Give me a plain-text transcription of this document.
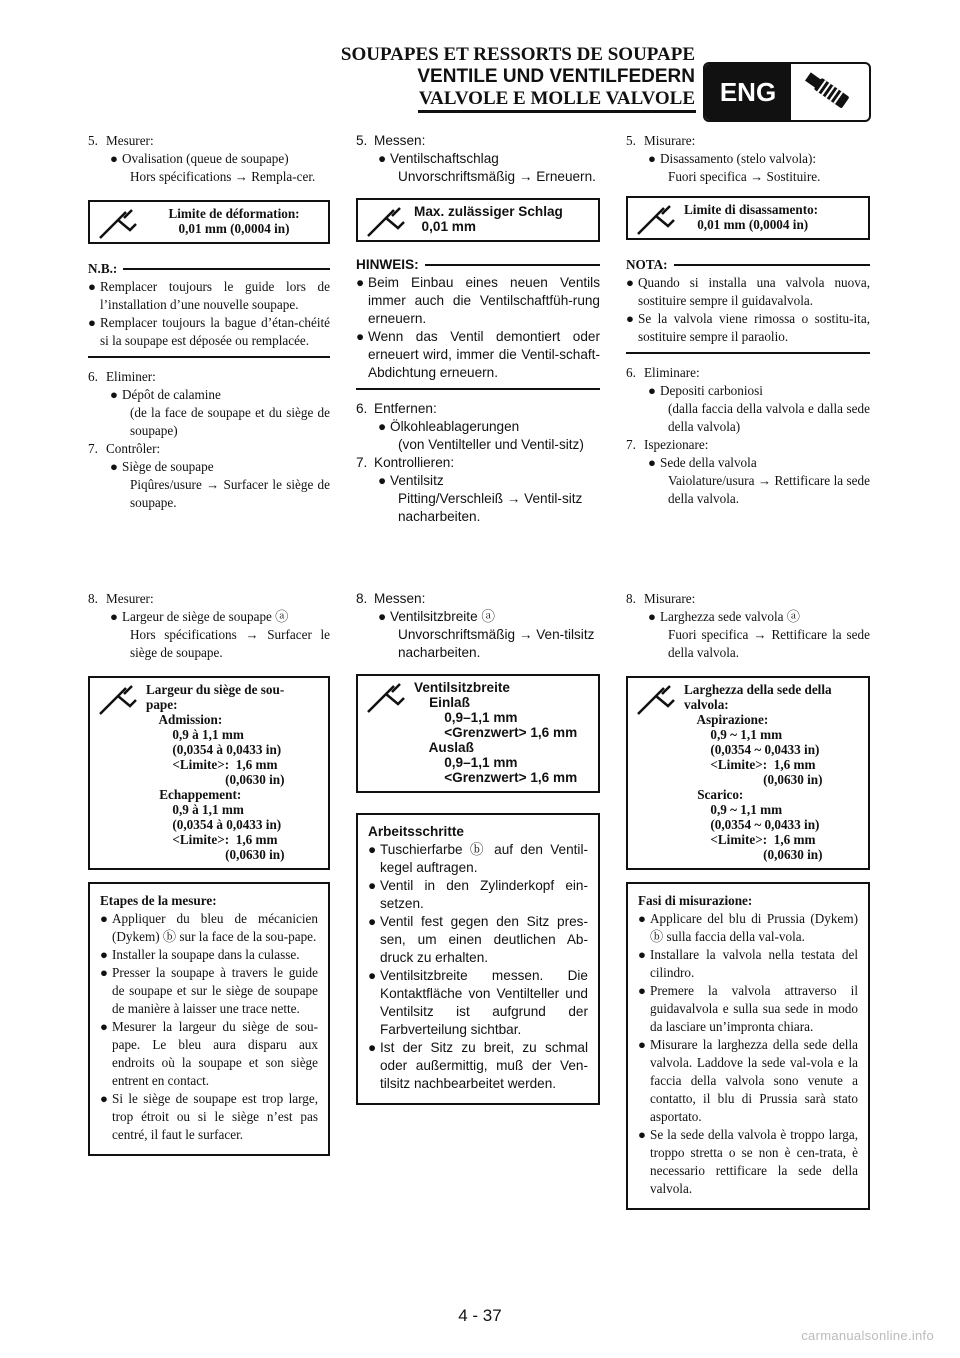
SOUPAPES ET RESSORTS DE SOUPAPE
VENTILE UND VENTILFEDERN
VALVOLE E MOLLE VALVOLE ENG
5. Mesurer:
● Ovalisation (queue de soupape)
Hors spécifications → Rempla-cer.
Limite de déformation:
0,01 mm (0,0004 in)
N.B.:
● Remplacer toujours le guide lors de l’installation d’une nouvelle soupape.
● Remplacer toujours la bague d’étan-chéité si la soupape est déposée ou remplacée.
6. Eliminer:
● Dépôt de calamine
(de la face de soupape et du siège de soupape)
7. Contrôler:
● Siège de soupape
Piqûres/usure → Surfacer le siège de soupape.
8. Mesurer:
● Largeur de siège de soupape ⓐ
Hors spécifications → Surfacer le siège de soupape.
Largeur du siège de sou-
pape:
Admission:
0,9 à 1,1 mm
(0,0354 à 0,0433 in)
<Limite>:  1,6 mm
(0,0630 in)
Echappement:
0,9 à 1,1 mm
(0,0354 à 0,0433 in)
<Limite>:  1,6 mm
(0,0630 in)
Etapes de la mesure:
● Appliquer du bleu de mécanicien (Dykem) ⓑ sur la face de la sou-pape.
● Installer la soupape dans la culasse.
● Presser la soupape à travers le guide de soupape et sur le siège de soupape de manière à laisser une trace nette.
● Mesurer la largeur du siège de sou-pape. Le bleu aura disparu aux endroits où la soupape et son siège entrent en contact.
● Si le siège de soupape est trop large, trop étroit ou si le siège n’est pas centré, il faut le surfacer.
5. Messen:
● Ventilschaftschlag
Unvorschriftsmäßig → Erneuern.
Max. zulässiger Schlag
0,01 mm
HINWEIS:
● Beim Einbau eines neuen Ventils immer auch die Ventilschaftfüh-rung erneuern.
● Wenn das Ventil demontiert oder erneuert wird, immer die Ventil-schaft-Abdichtung erneuern.
6. Entfernen:
● Ölkohleablagerungen
(von Ventilteller und Ventil-sitz)
7. Kontrollieren:
● Ventilsitz
Pitting/Verschleiß → Ventil-sitz nacharbeiten.
8. Messen:
● Ventilsitzbreite ⓐ
Unvorschriftsmäßig → Ven-tilsitz nacharbeiten.
Ventilsitzbreite
Einlaß
0,9–1,1 mm
<Grenzwert> 1,6 mm
Auslaß
0,9–1,1 mm
<Grenzwert> 1,6 mm
Arbeitsschritte
● Tuschierfarbe ⓑ auf den Ventil-kegel auftragen.
● Ventil in den Zylinderkopf ein-setzen.
● Ventil fest gegen den Sitz pres-sen, um einen deutlichen Ab-druck zu erhalten.
● Ventilsitzbreite messen. Die Kontaktfläche von Ventilteller und Ventilsitz ist aufgrund der Farbverteilung sichtbar.
● Ist der Sitz zu breit, zu schmal oder außermittig, muß der Ven-tilsitz nachbearbeitet werden.
5. Misurare:
● Disassamento (stelo valvola):
Fuori specifica → Sostituire.
Limite di disassamento:
0,01 mm (0,0004 in)
NOTA:
● Quando si installa una valvola nuova, sostituire sempre il guidavalvola.
● Se la valvola viene rimossa o sostitu-ita, sostituire sempre il paraolio.
6. Eliminare:
● Depositi carboniosi
(dalla faccia della valvola e dalla sede della valvola)
7. Ispezionare:
● Sede della valvola
Vaiolature/usura → Rettificare la sede della valvola.
8. Misurare:
● Larghezza sede valvola ⓐ
Fuori specifica → Rettificare la sede della valvola.
Larghezza della sede della
valvola:
Aspirazione:
0,9 ~ 1,1 mm
(0,0354 ~ 0,0433 in)
<Limite>:  1,6 mm
(0,0630 in)
Scarico:
0,9 ~ 1,1 mm
(0,0354 ~ 0,0433 in)
<Limite>:  1,6 mm
(0,0630 in)
Fasi di misurazione:
● Applicare del blu di Prussia (Dykem) ⓑ sulla faccia della val-vola.
● Installare la valvola nella testata del cilindro.
● Premere la valvola attraverso il guidavalvola e sulla sua sede in modo da lasciare un’impronta chiara.
● Misurare la larghezza della sede della valvola. Laddove la sede val-vola e la faccia della valvola sono venute a contatto, il blu di Prussia sarà stato asportato.
● Se la sede della valvola è troppo larga, troppo stretta o se non è cen-trata, è necessario rettificare la sede della valvola.
4 - 37
carmanualsonline.info
